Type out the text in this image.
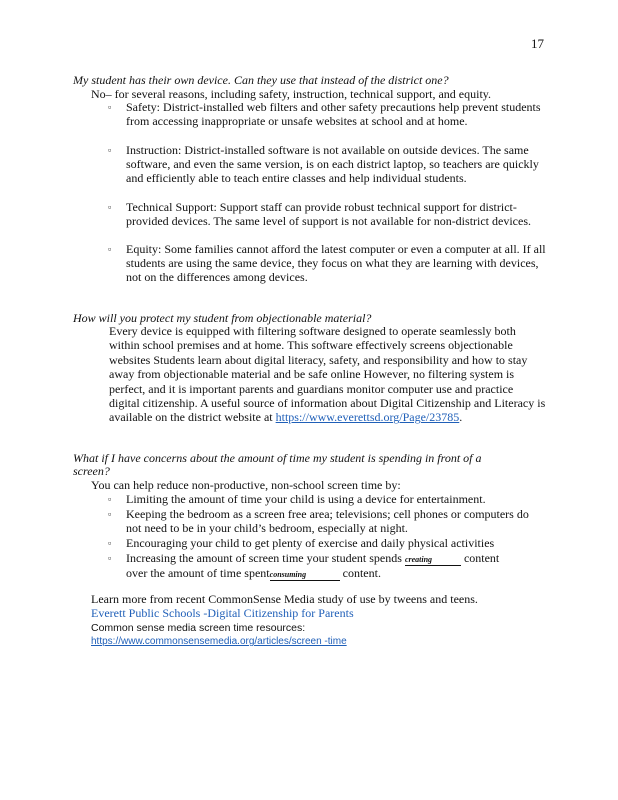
17
My student has their own device. Can they use that instead of the district one?
No– for several reasons, including safety, instruction, technical support, and equity.
▫ Safety: District-installed web filters and other safety precautions help prevent students from accessing inappropriate or unsafe websites at school and at home.
▫ Instruction: District-installed software is not available on outside devices. The same software, and even the same version, is on each district laptop, so teachers are quickly and efficiently able to teach entire classes and help individual students.
▫ Technical Support: Support staff can provide robust technical support for district-provided devices. The same level of support is not available for non-district devices.
▫ Equity: Some families cannot afford the latest computer or even a computer at all. If all students are using the same device, they focus on what they are learning with devices, not on the differences among devices.
How will you protect my student from objectionable material?
Every device is equipped with filtering software designed to operate seamlessly both within school premises and at home. This software effectively screens objectionable websites Students learn about digital literacy, safety, and responsibility and how to stay away from objectionable material and be safe online However, no filtering system is perfect, and it is important parents and guardians monitor computer use and practice digital citizenship. A useful source of information about Digital Citizenship and Literacy is available on the district website at https://www.everettsd.org/Page/23785.
What if I have concerns about the amount of time my student is spending in front of a
screen?
You can help reduce non-productive, non-school screen time by:
▫ Limiting the amount of time your child is using a device for entertainment.
▫ Keeping the bedroom as a screen free area; televisions; cell phones or computers do not need to be in your child’s bedroom, especially at night.
▫ Encouraging your child to get plenty of exercise and daily physical activities
▫ Increasing the amount of screen time your student spends creating content
over the amount of time spentconsuming	content.
Learn more from recent CommonSense Media study of use by tweens and teens.
Everett Public Schools -Digital Citizenship for Parents
Common sense media screen time resources:
https://www.commonsensemedia.org/articles/screen -time
